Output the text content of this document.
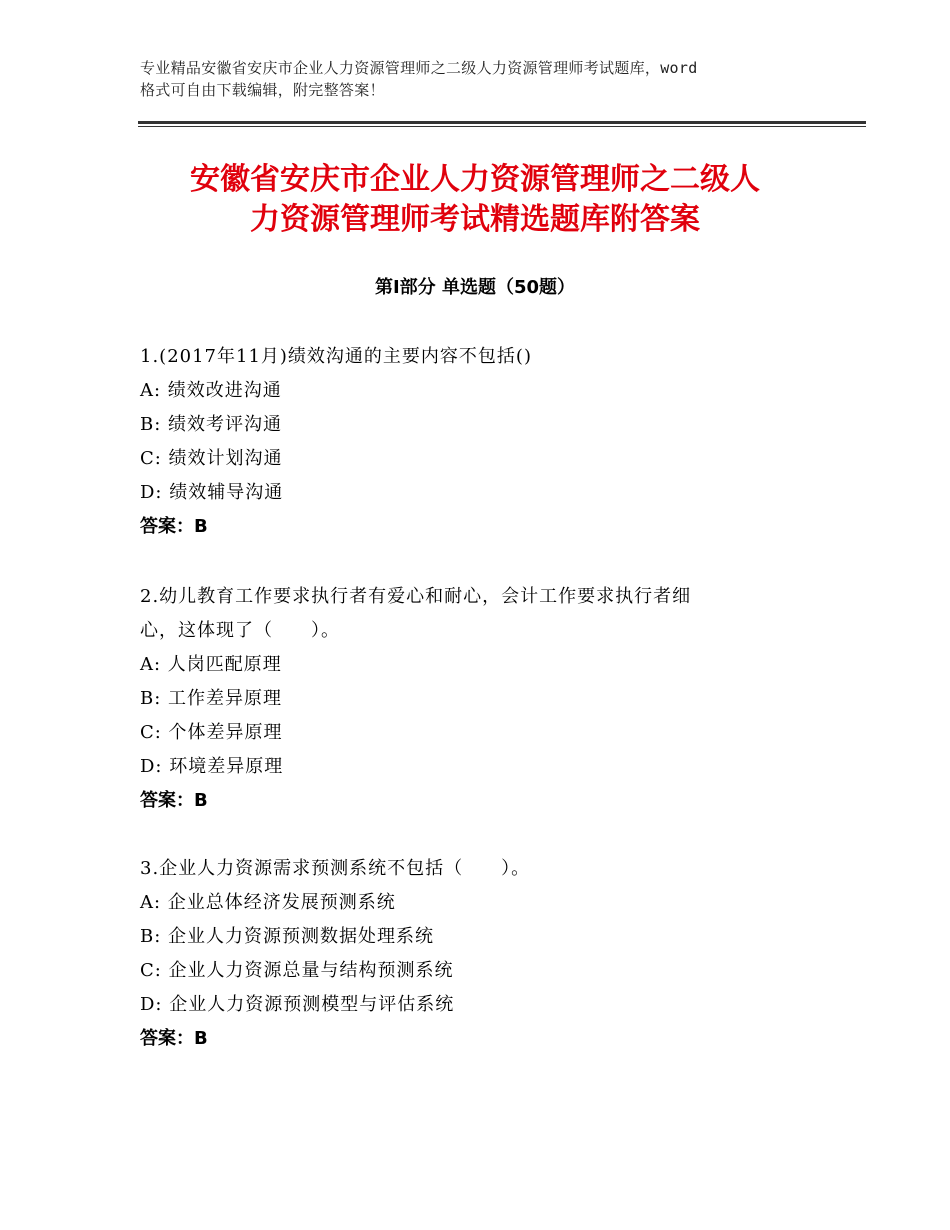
专业精品安徽省安庆市企业人力资源管理师之二级人力资源管理师考试题库，word
格式可自由下载编辑，附完整答案！
安徽省安庆市企业人力资源管理师之二级人
力资源管理师考试精选题库附答案
第Ⅰ部分 单选题（50题）
1.(2017年11月)绩效沟通的主要内容不包括()
A: 绩效改进沟通
B: 绩效考评沟通
C: 绩效计划沟通
D: 绩效辅导沟通
答案：B
2.幼儿教育工作要求执行者有爱心和耐心，会计工作要求执行者细
心，这体现了（　　）。
A: 人岗匹配原理
B: 工作差异原理
C: 个体差异原理
D: 环境差异原理
答案：B
3.企业人力资源需求预测系统不包括（　　）。
A: 企业总体经济发展预测系统
B: 企业人力资源预测数据处理系统
C: 企业人力资源总量与结构预测系统
D: 企业人力资源预测模型与评估系统
答案：B
